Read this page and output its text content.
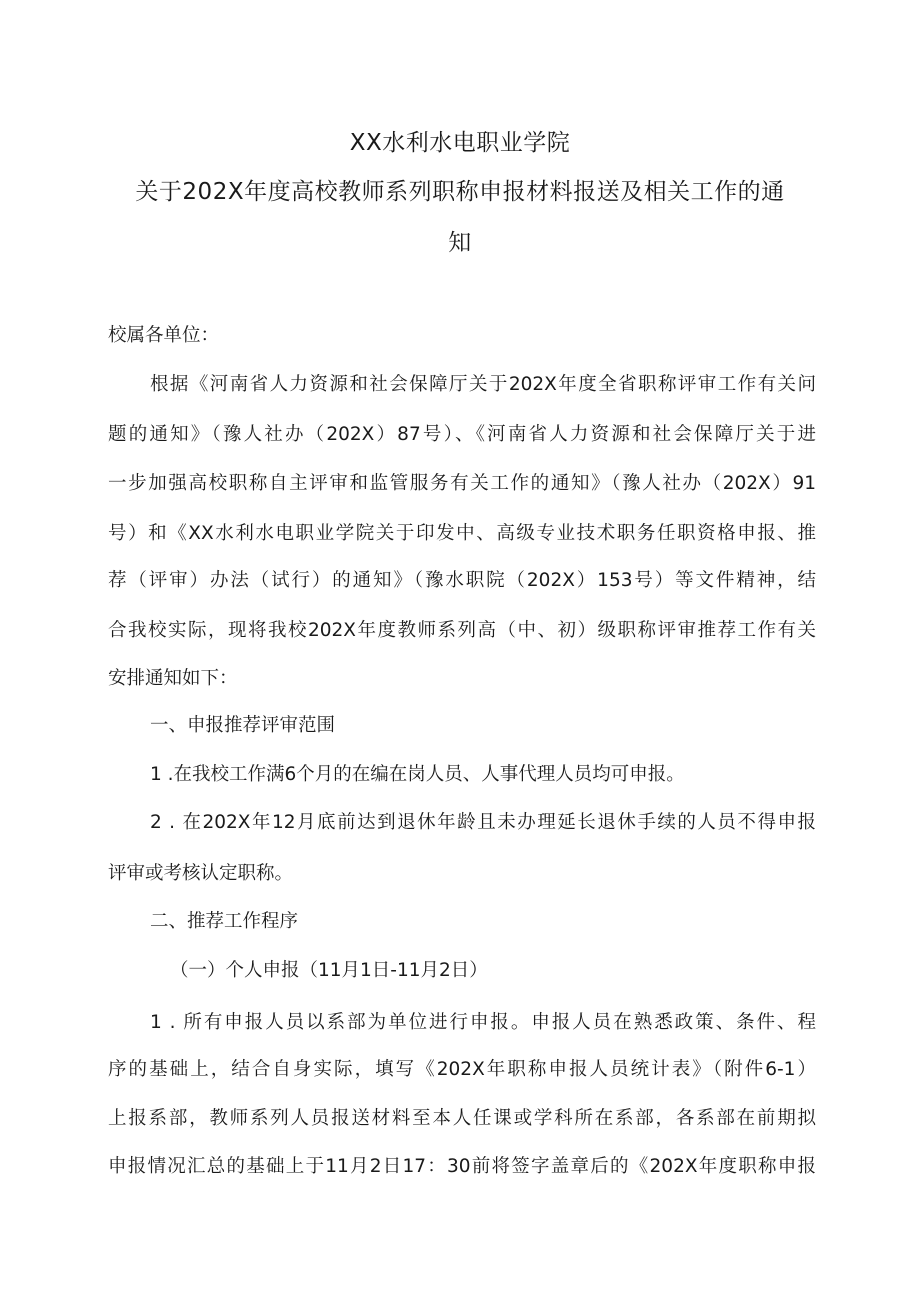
XX水利水电职业学院
关于202X年度高校教师系列职称申报材料报送及相关工作的通
知
校属各单位：
根据《河南省人力资源和社会保障厅关于202X年度全省职称评审工作有关问
题的通知》（豫人社办（202X）87号）、《河南省人力资源和社会保障厅关于进
一步加强高校职称自主评审和监管服务有关工作的通知》（豫人社办（202X）91
号）和《XX水利水电职业学院关于印发中、高级专业技术职务任职资格申报、推
荐（评审）办法（试行）的通知》（豫水职院（202X）153号）等文件精神，结
合我校实际，现将我校202X年度教师系列高（中、初）级职称评审推荐工作有关
安排通知如下：
一、申报推荐评审范围
1 .在我校工作满6个月的在编在岗人员、人事代理人员均可申报。
2 . 在202X年12月底前达到退休年龄且未办理延长退休手续的人员不得申报
评审或考核认定职称。
二、推荐工作程序
（一）个人申报（11月1日-11月2日）
1 . 所有申报人员以系部为单位进行申报。申报人员在熟悉政策、条件、程
序的基础上，结合自身实际，填写《202X年职称申报人员统计表》（附件6-1）
上报系部，教师系列人员报送材料至本人任课或学科所在系部，各系部在前期拟
申报情况汇总的基础上于11月2日17：30前将签字盖章后的《202X年度职称申报
